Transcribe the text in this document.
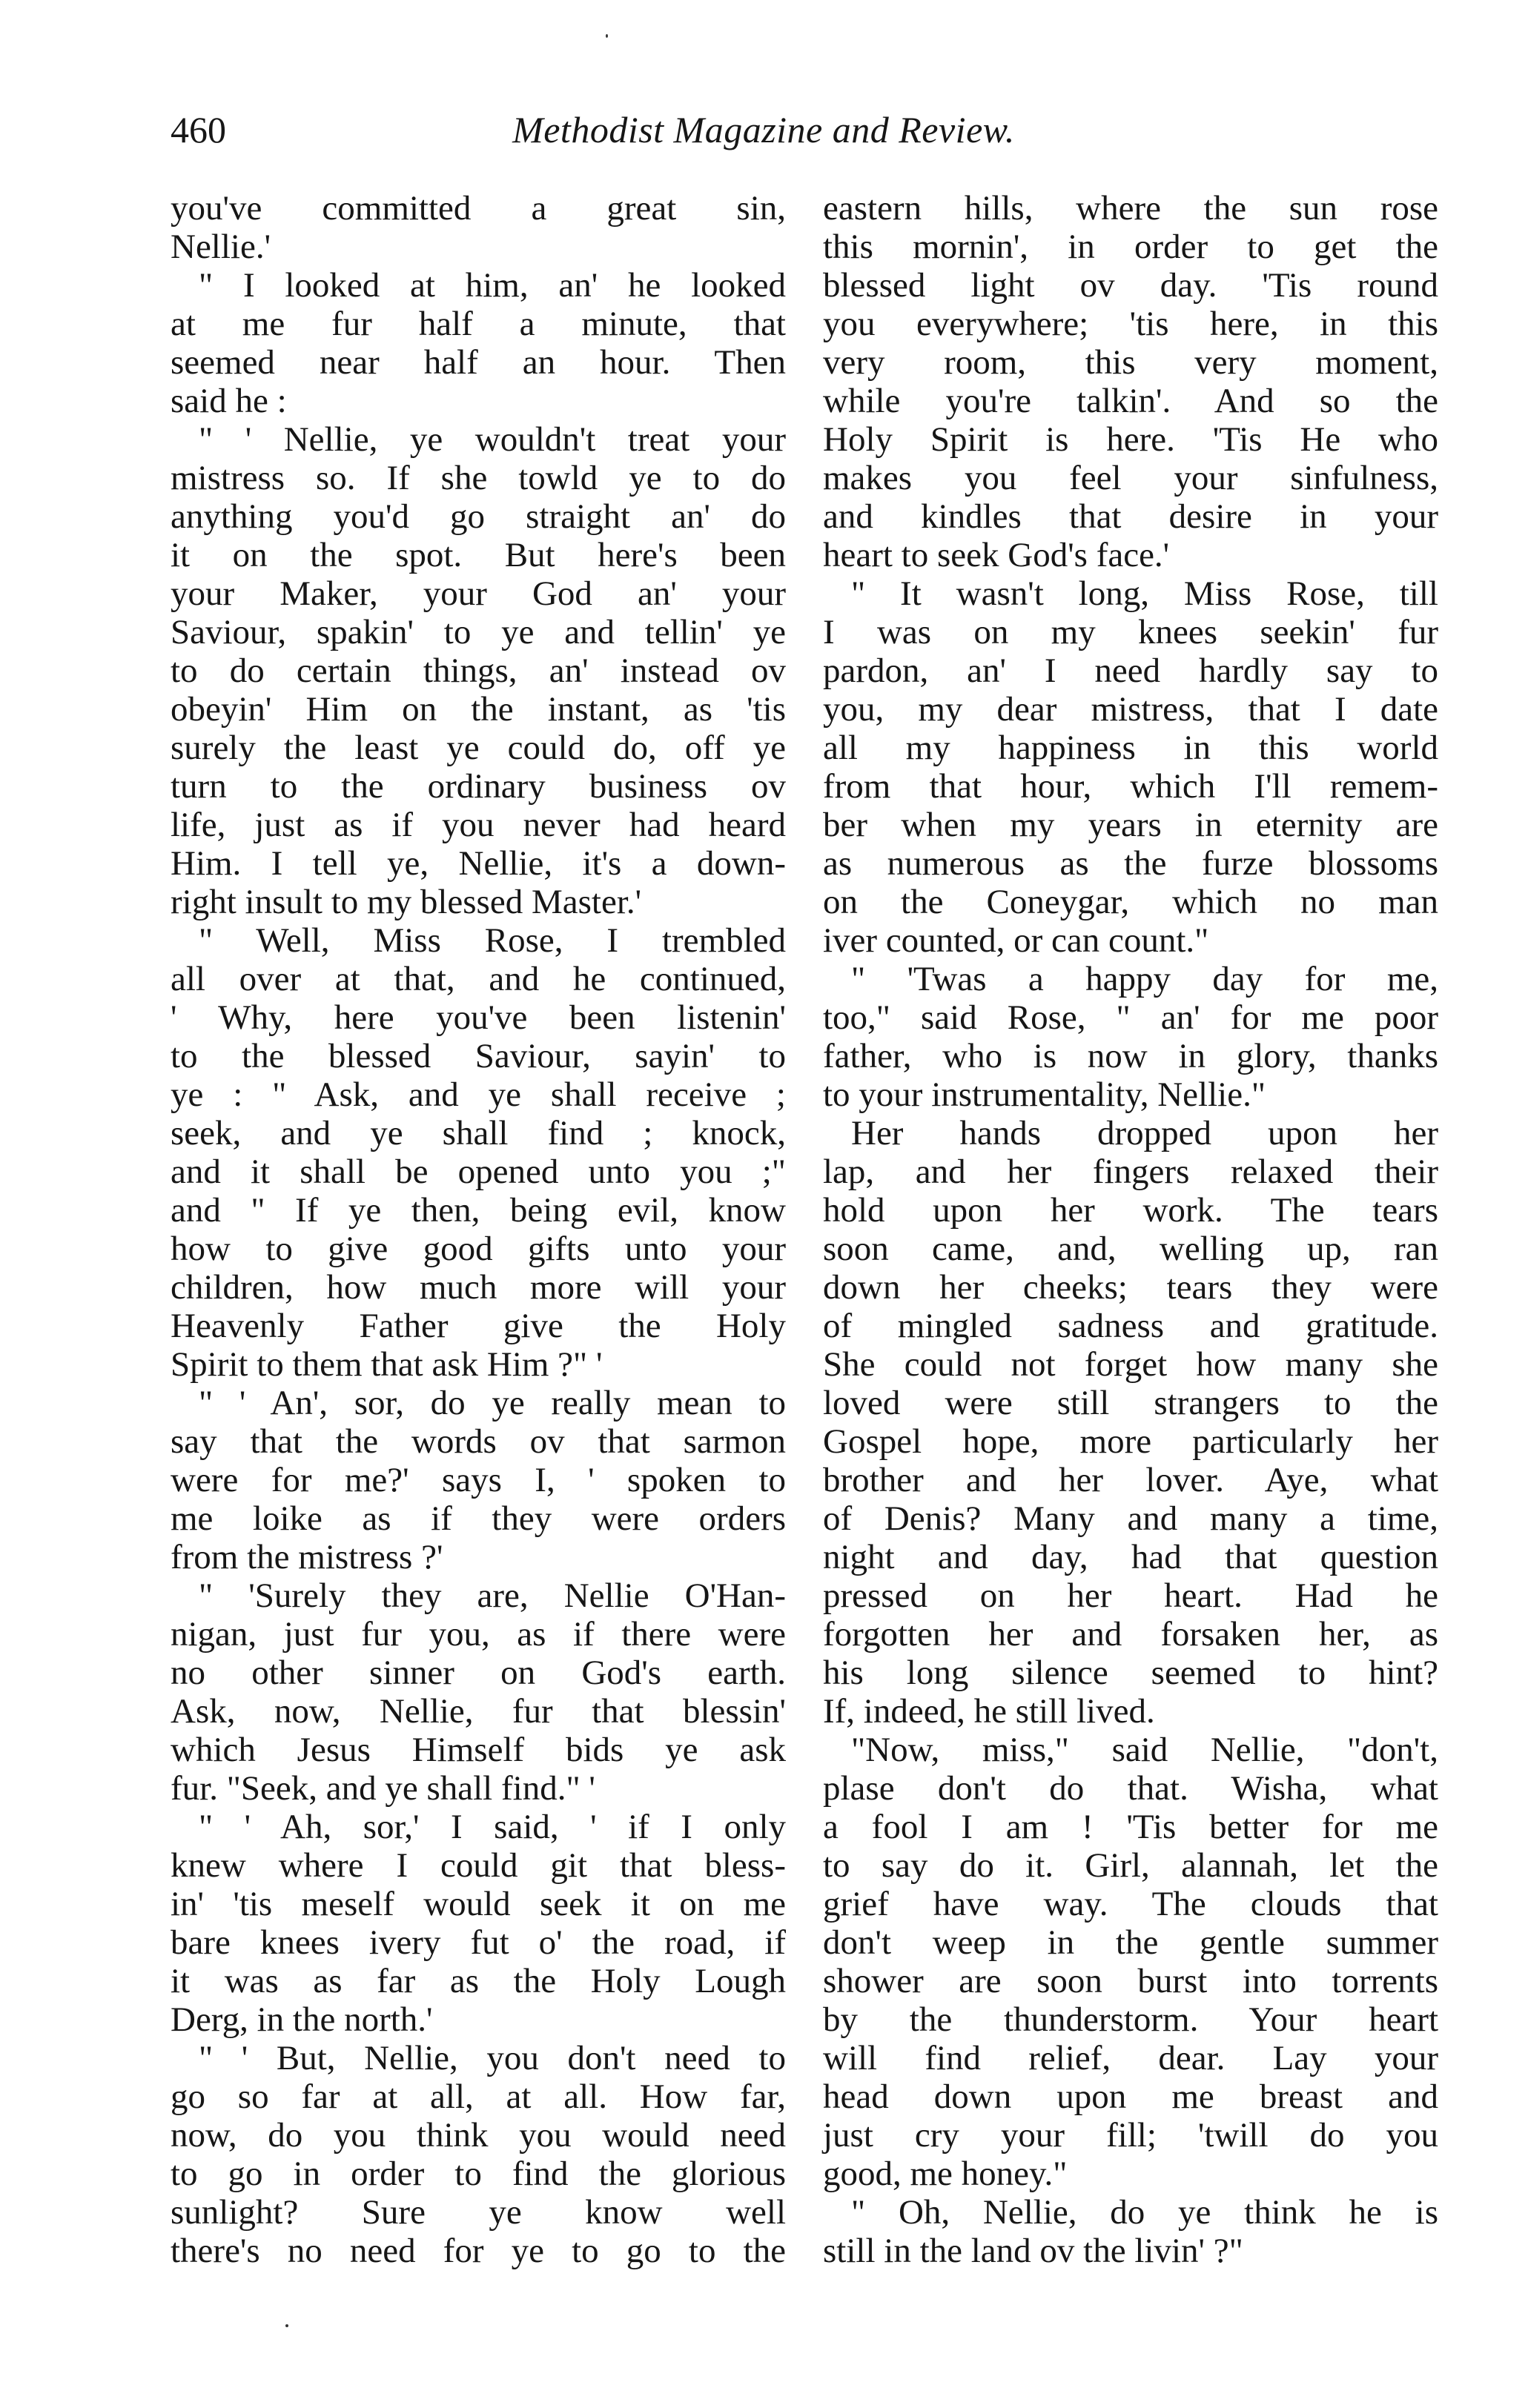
460	Methodist Magazine and Review.
you've committed a great sin,
Nellie.'
" I looked at him, an' he looked
at me fur half a minute, that
seemed near half an hour. Then
said he :
" ' Nellie, ye wouldn't treat your
mistress so. If she towld ye to do
anything you'd go straight an' do
it on the spot. But here's been
your Maker, your God an' your
Saviour, spakin' to ye and tellin' ye
to do certain things, an' instead ov
obeyin' Him on the instant, as 'tis
surely the least ye could do, off ye
turn to the ordinary business ov
life, just as if you never had heard
Him. I tell ye, Nellie, it's a down-
right insult to my blessed Master.'
" Well, Miss Rose, I trembled
all over at that, and he continued,
' Why, here you've been listenin'
to the blessed Saviour, sayin' to
ye : " Ask, and ye shall receive ;
seek, and ye shall find ; knock,
and it shall be opened unto you ;"
and " If ye then, being evil, know
how to give good gifts unto your
children, how much more will your
Heavenly Father give the Holy
Spirit to them that ask Him ?" '
" ' An', sor, do ye really mean to
say that the words ov that sarmon
were for me?' says I, ' spoken to
me loike as if they were orders
from the mistress ?'
" 'Surely they are, Nellie O'Han-
nigan, just fur you, as if there were
no other sinner on God's earth.
Ask, now, Nellie, fur that blessin'
which Jesus Himself bids ye ask
fur. "Seek, and ye shall find." '
" ' Ah, sor,' I said, ' if I only
knew where I could git that bless-
in' 'tis meself would seek it on me
bare knees ivery fut o' the road, if
it was as far as the Holy Lough
Derg, in the north.'
" ' But, Nellie, you don't need to
go so far at all, at all. How far,
now, do you think you would need
to go in order to find the glorious
sunlight? Sure ye know well
there's no need for ye to go to the
eastern hills, where the sun rose
this mornin', in order to get the
blessed light ov day. 'Tis round
you everywhere; 'tis here, in this
very room, this very moment,
while you're talkin'. And so the
Holy Spirit is here. 'Tis He who
makes you feel your sinfulness,
and kindles that desire in your
heart to seek God's face.'
" It wasn't long, Miss Rose, till
I was on my knees seekin' fur
pardon, an' I need hardly say to
you, my dear mistress, that I date
all my happiness in this world
from that hour, which I'll remem-
ber when my years in eternity are
as numerous as the furze blossoms
on the Coneygar, which no man
iver counted, or can count."
" 'Twas a happy day for me,
too," said Rose, " an' for me poor
father, who is now in glory, thanks
to your instrumentality, Nellie."
Her hands dropped upon her
lap, and her fingers relaxed their
hold upon her work. The tears
soon came, and, welling up, ran
down her cheeks; tears they were
of mingled sadness and gratitude.
She could not forget how many she
loved were still strangers to the
Gospel hope, more particularly her
brother and her lover. Aye, what
of Denis? Many and many a time,
night and day, had that question
pressed on her heart. Had he
forgotten her and forsaken her, as
his long silence seemed to hint?
If, indeed, he still lived.
"Now, miss," said Nellie, "don't,
plase don't do that. Wisha, what
a fool I am ! 'Tis better for me
to say do it. Girl, alannah, let the
grief have way. The clouds that
don't weep in the gentle summer
shower are soon burst into torrents
by the thunderstorm. Your heart
will find relief, dear. Lay your
head down upon me breast and
just cry your fill; 'twill do you
good, me honey."
" Oh, Nellie, do ye think he is
still in the land ov the livin' ?"
